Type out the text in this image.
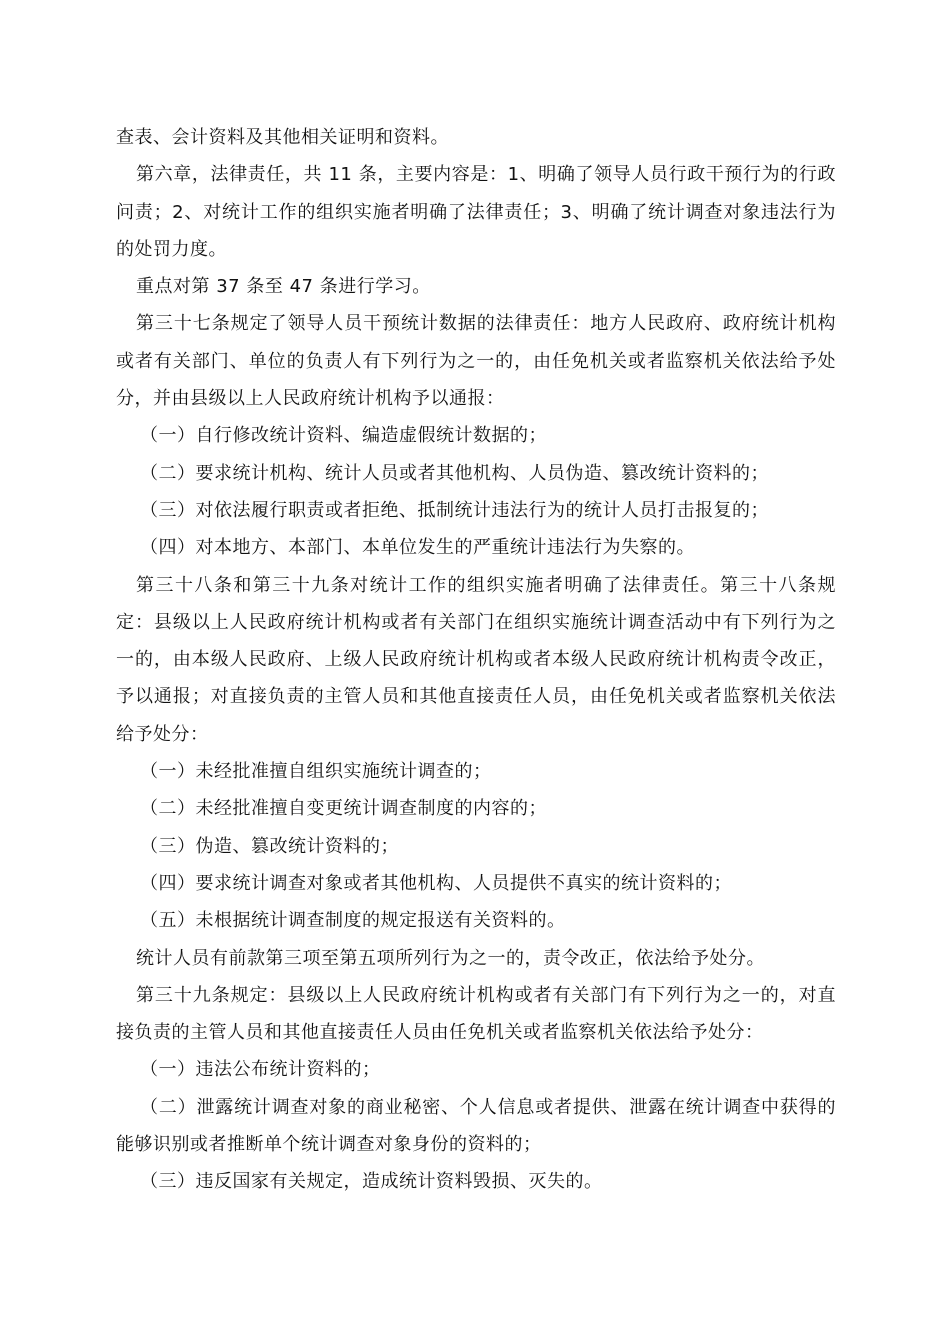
查表、会计资料及其他相关证明和资料。

第六章，法律责任，共 11 条，主要内容是：1、明确了领导人员行政干预行为的行政问责；2、对统计工作的组织实施者明确了法律责任；3、明确了统计调查对象违法行为的处罚力度。

重点对第 37 条至 47 条进行学习。

第三十七条规定了领导人员干预统计数据的法律责任：地方人民政府、政府统计机构或者有关部门、单位的负责人有下列行为之一的，由任免机关或者监察机关依法给予处分，并由县级以上人民政府统计机构予以通报：

（一）自行修改统计资料、编造虚假统计数据的；

（二）要求统计机构、统计人员或者其他机构、人员伪造、篡改统计资料的；

（三）对依法履行职责或者拒绝、抵制统计违法行为的统计人员打击报复的；

（四）对本地方、本部门、本单位发生的严重统计违法行为失察的。

第三十八条和第三十九条对统计工作的组织实施者明确了法律责任。第三十八条规定：县级以上人民政府统计机构或者有关部门在组织实施统计调查活动中有下列行为之一的，由本级人民政府、上级人民政府统计机构或者本级人民政府统计机构责令改正，予以通报；对直接负责的主管人员和其他直接责任人员，由任免机关或者监察机关依法给予处分：

（一）未经批准擅自组织实施统计调查的；

（二）未经批准擅自变更统计调查制度的内容的；

（三）伪造、篡改统计资料的；

（四）要求统计调查对象或者其他机构、人员提供不真实的统计资料的；

（五）未根据统计调查制度的规定报送有关资料的。

统计人员有前款第三项至第五项所列行为之一的，责令改正，依法给予处分。

第三十九条规定：县级以上人民政府统计机构或者有关部门有下列行为之一的，对直接负责的主管人员和其他直接责任人员由任免机关或者监察机关依法给予处分：

（一）违法公布统计资料的；

（二）泄露统计调查对象的商业秘密、个人信息或者提供、泄露在统计调查中获得的能够识别或者推断单个统计调查对象身份的资料的；

（三）违反国家有关规定，造成统计资料毁损、灭失的。
